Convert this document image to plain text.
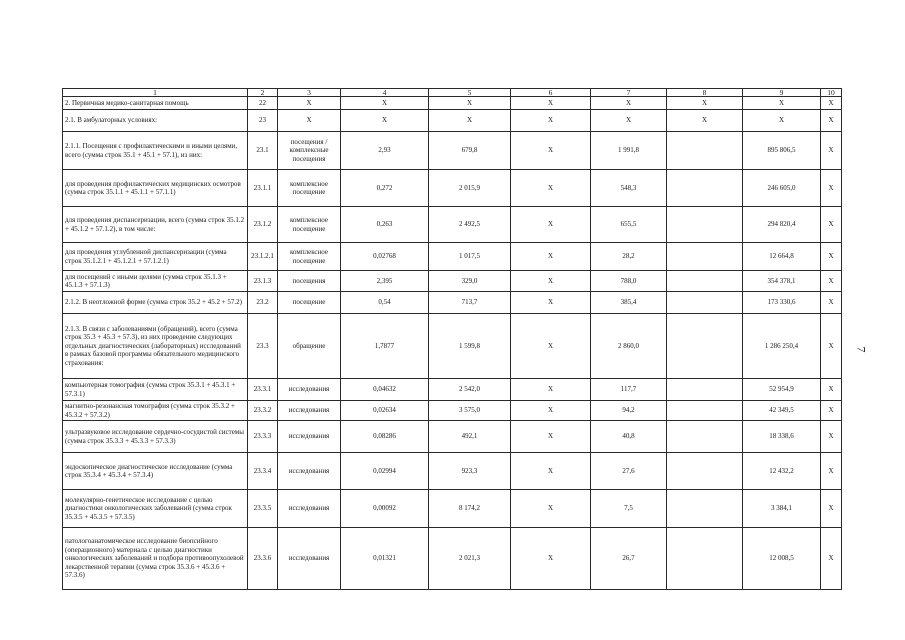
1	2	3	4	5	6	7	8	9	10
2. Первичная медико-санитарная помощь	22	X	X	X	X	X	X	X	X
2.1. В амбулаторных условиях:	23	X	X	X	X	X	X	X	X
2.1.1. Посещения с профилактическими и иными целями, всего (сумма строк 35.1 + 45.1 + 57.1), из них:	23.1	посещения / комплексные посещения	2,93	679,8	X	1 991,8		895 806,5	X
для проведения профилактических медицинских осмотров (сумма строк 35.1.1 + 45.1.1 + 57.1.1)	23.1.1	комплексное посещение	0,272	2 015,9	X	548,3		246 605,0	X
для проведения диспансеризации, всего (сумма строк 35.1.2 + 45.1.2 + 57.1.2), в том числе:	23.1.2	комплексное посещение	0,263	2 492,5	X	655,5		294 820,4	X
для проведения углубленной диспансеризации (сумма строк 35.1.2.1 + 45.1.2.1 + 57.1.2.1)	23.1.2.1	комплексное посещение	0,02768	1 017,5	X	28,2		12 664,8	X
для посещений с иными целями (сумма строк 35.1.3 + 45.1.3 + 57.1.3)	23.1.3	посещения	2,395	329,0	X	788,0		354 378,1	X
2.1.2. В неотложной форме (сумма строк 35.2 + 45.2 + 57.2)	23.2	посещение	0,54	713,7	X	385,4		173 330,6	X
2.1.3. В связи с заболеваниями (обращений), всего (сумма строк 35.3 + 45.3 + 57.3), из них проведение следующих отдельных диагностических (лабораторных) исследований в рамках базовой программы обязательного медицинского страхования:	23.3	обращение	1,7877	1 599,8	X	2 860,0		1 286 250,4	X
компьютерная томография (сумма строк 35.3.1 + 45.3.1 + 57.3.1)	23.3.1	исследования	0,04632	2 542,0	X	117,7		52 954,9	X
магнитно-резонансная томография (сумма строк 35.3.2 + 45.3.2 + 57.3.2)	23.3.2	исследования	0,02634	3 575,0	X	94,2		42 349,5	X
ультразвуковое исследование сердечно-сосудистой системы (сумма строк 35.3.3 + 45.3.3 + 57.3.3)	23.3.3	исследования	0,08286	492,1	X	40,8		18 338,6	X
эндоскопическое диагностическое исследование (сумма строк 35.3.4 + 45.3.4 + 57.3.4)	23.3.4	исследования	0,02994	923,3	X	27,6		12 432,2	X
молекулярно-генетическое исследование с целью диагностики онкологических заболеваний (сумма строк 35.3.5 + 45.3.5 + 57.3.5)	23.3.5	исследования	0,00092	8 174,2	X	7,5		3 384,1	X
патологоанатомическое исследование биопсийного (операционного) материала с целью диагностики онкологических заболеваний и подбора противоопухолевой лекарственной терапии (сумма строк 35.3.6 + 45.3.6 + 57.3.6)	23.3.6	исследования	0,01321	2 021,3	X	26,7		12 008,5	X
7
